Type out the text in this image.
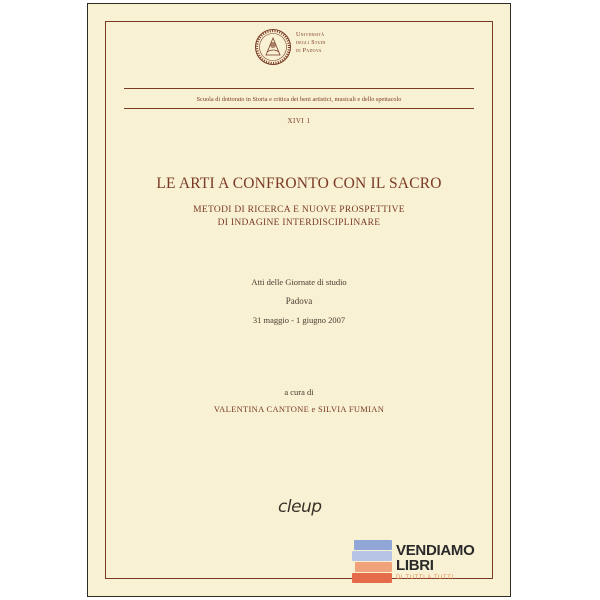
Università
degli Studi
di Padova
Scuola di dottorato in Storia e critica dei beni artistici, musicali e dello spettacolo
XIVI 1
LE ARTI A CONFRONTO CON IL SACRO
METODI DI RICERCA E NUOVE PROSPETTIVE
DI INDAGINE INTERDISCIPLINARE
Atti delle Giornate di studio
Padova
31 maggio - 1 giugno 2007
a cura di
VALENTINA CANTONE e SILVIA FUMIAN
cleup
VENDIAMO
LIBRI
DI TUTTI A TUTTI
